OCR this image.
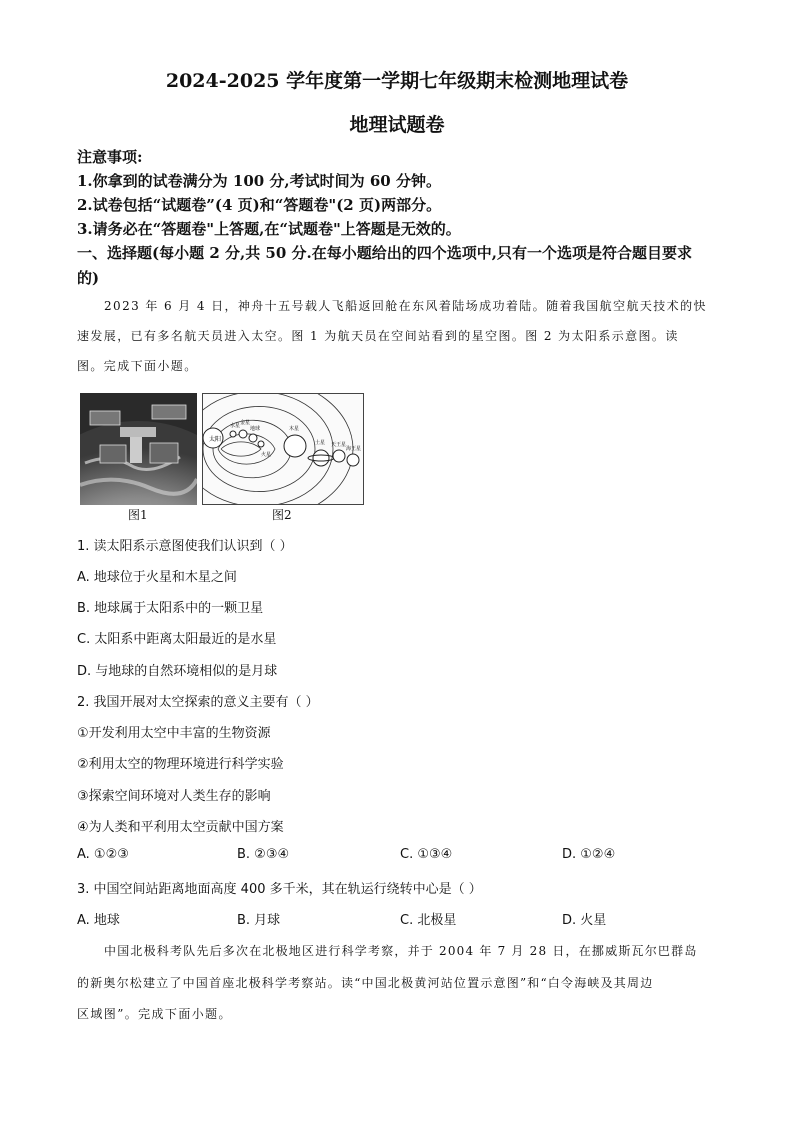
2024-2025 学年度第一学期七年级期末检测地理试卷
地理试题卷
注意事项:
1.你拿到的试卷满分为 100 分,考试时间为 60 分钟。
2.试卷包括“试题卷”(4 页)和“答题卷"(2 页)两部分。
3.请务必在“答题卷"上答题,在“试题卷"上答题是无效的。
一、选择题(每小题 2 分,共 50 分.在每小题给出的四个选项中,只有一个选项是符合题目要求
的)
2023 年 6 月 4 日，神舟十五号载人飞船返回舱在东风着陆场成功着陆。随着我国航空航天技术的快
速发展，已有多名航天员进入太空。图 1 为航天员在空间站看到的星空图。图 2 为太阳系示意图。读
图。完成下面小题。
太阳
水星 金星
地球
火星
木星
土星 天王星
海王星
图1	图2
1. 读太阳系示意图使我们认识到（ ）
A. 地球位于火星和木星之间
B. 地球属于太阳系中的一颗卫星
C. 太阳系中距离太阳最近的是水星
D. 与地球的自然环境相似的是月球
2. 我国开展对太空探索的意义主要有（ ）
①开发利用太空中丰富的生物资源
②利用太空的物理环境进行科学实验
③探索空间环境对人类生存的影响
④为人类和平利用太空贡献中国方案
A. ①②③	B. ②③④	C. ①③④	D. ①②④
3. 中国空间站距离地面高度 400 多千米，其在轨运行绕转中心是（ ）
A. 地球	B. 月球	C. 北极星	D. 火星
中国北极科考队先后多次在北极地区进行科学考察，并于 2004 年 7 月 28 日，在挪威斯瓦尔巴群岛
的新奥尔松建立了中国首座北极科学考察站。读“中国北极黄河站位置示意图”和“白令海峡及其周边
区域图”。完成下面小题。
